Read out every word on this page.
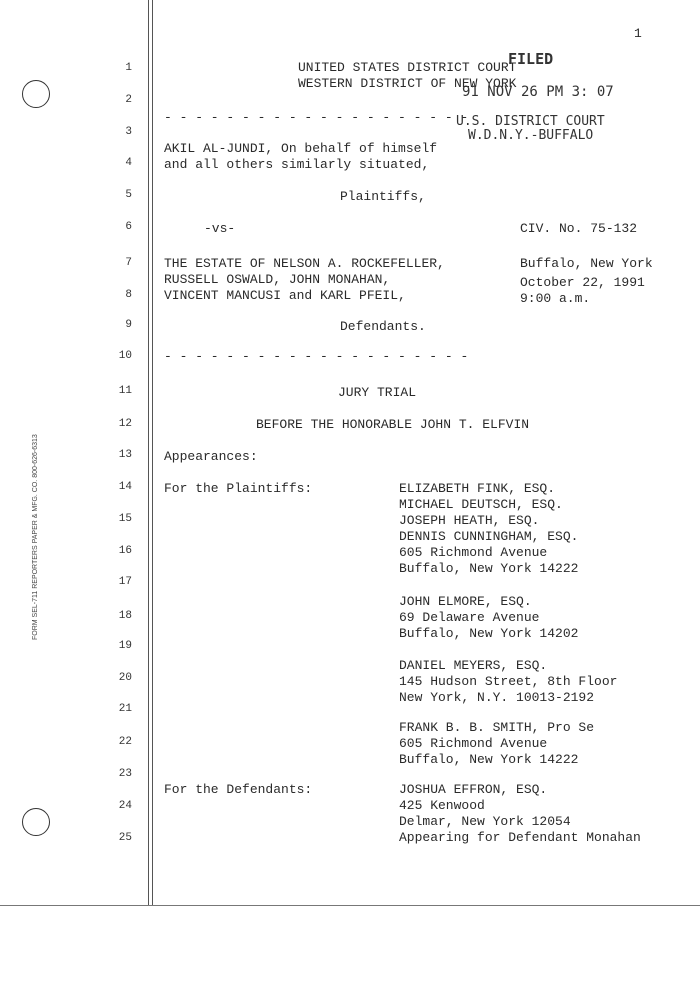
FORM SEL-711 REPORTERS PAPER & MFG. CO. 800-626-6313
1
1
2
3
4
5
6
7
8
9
10
11
12
13
14
15
16
17
18
19
20
21
22
23
24
25
UNITED STATES DISTRICT COURT
WESTERN DISTRICT OF NEW YORK
FILED
91 NOV 26 PM 3: 07
U.S. DISTRICT COURT
W.D.N.Y.-BUFFALO
- - - - - - - - - - - - - - - - - - - -
AKIL AL-JUNDI, On behalf of himself
and all others similarly situated,
Plaintiffs,
-vs-	CIV. No. 75-132
THE ESTATE OF NELSON A. ROCKEFELLER,
RUSSELL OSWALD, JOHN MONAHAN,
VINCENT MANCUSI and KARL PFEIL,
Defendants.
Buffalo, New York
October 22, 1991
9:00 a.m.
- - - - - - - - - - - - - - - - - - - -
JURY TRIAL
BEFORE THE HONORABLE JOHN T. ELFVIN
Appearances:
For the Plaintiffs:	ELIZABETH FINK, ESQ.
MICHAEL DEUTSCH, ESQ.
JOSEPH HEATH, ESQ.
DENNIS CUNNINGHAM, ESQ.
605 Richmond Avenue
Buffalo, New York 14222
JOHN ELMORE, ESQ.
69 Delaware Avenue
Buffalo, New York 14202
DANIEL MEYERS, ESQ.
145 Hudson Street, 8th Floor
New York, N.Y. 10013-2192
FRANK B. B. SMITH, Pro Se
605 Richmond Avenue
Buffalo, New York 14222
For the Defendants:	JOSHUA EFFRON, ESQ.
425 Kenwood
Delmar, New York 12054
Appearing for Defendant Monahan
